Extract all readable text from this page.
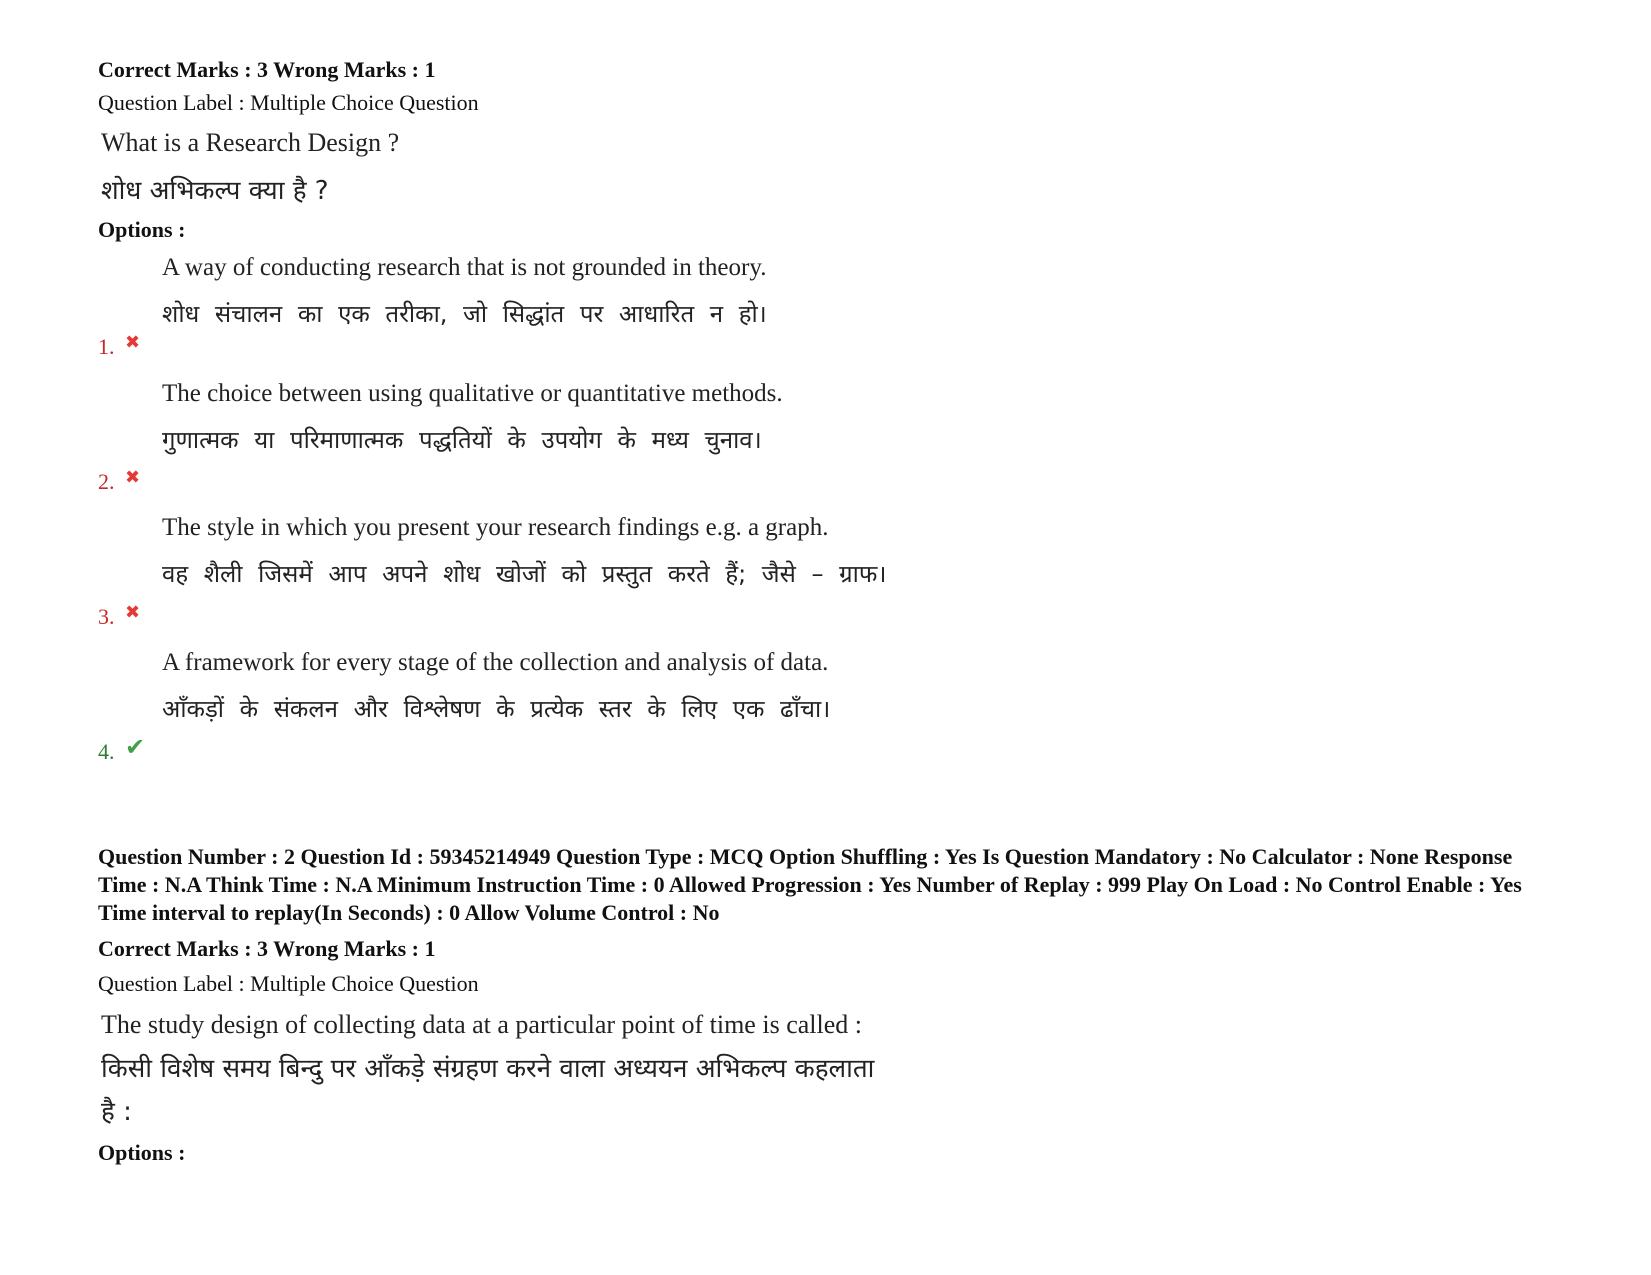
Correct Marks : 3 Wrong Marks : 1
Question Label : Multiple Choice Question
What is a Research Design ?
शोध अभिकल्प क्या है ?
Options :
A way of conducting research that is not grounded in theory.
शोध संचालन का एक तरीका, जो सिद्धांत पर आधारित न हो।
1. ✖
The choice between using qualitative or quantitative methods.
गुणात्मक या परिमाणात्मक पद्धतियों के उपयोग के मध्य चुनाव।
2. ✖
The style in which you present your research findings e.g. a graph.
वह शैली जिसमें आप अपने शोध खोजों को प्रस्तुत करते हैं; जैसे – ग्राफ।
3. ✖
A framework for every stage of the collection and analysis of data.
आँकड़ों के संकलन और विश्लेषण के प्रत्येक स्तर के लिए एक ढाँचा।
4. ✔
Question Number : 2 Question Id : 59345214949 Question Type : MCQ Option Shuffling : Yes Is Question Mandatory : No Calculator : None Response Time : N.A Think Time : N.A Minimum Instruction Time : 0 Allowed Progression : Yes Number of Replay : 999 Play On Load : No Control Enable : Yes Time interval to replay(In Seconds) : 0 Allow Volume Control : No
Correct Marks : 3 Wrong Marks : 1
Question Label : Multiple Choice Question
The study design of collecting data at a particular point of time is called :
किसी विशेष समय बिन्दु पर आँकड़े संग्रहण करने वाला अध्ययन अभिकल्प कहलाता
है :
Options :
